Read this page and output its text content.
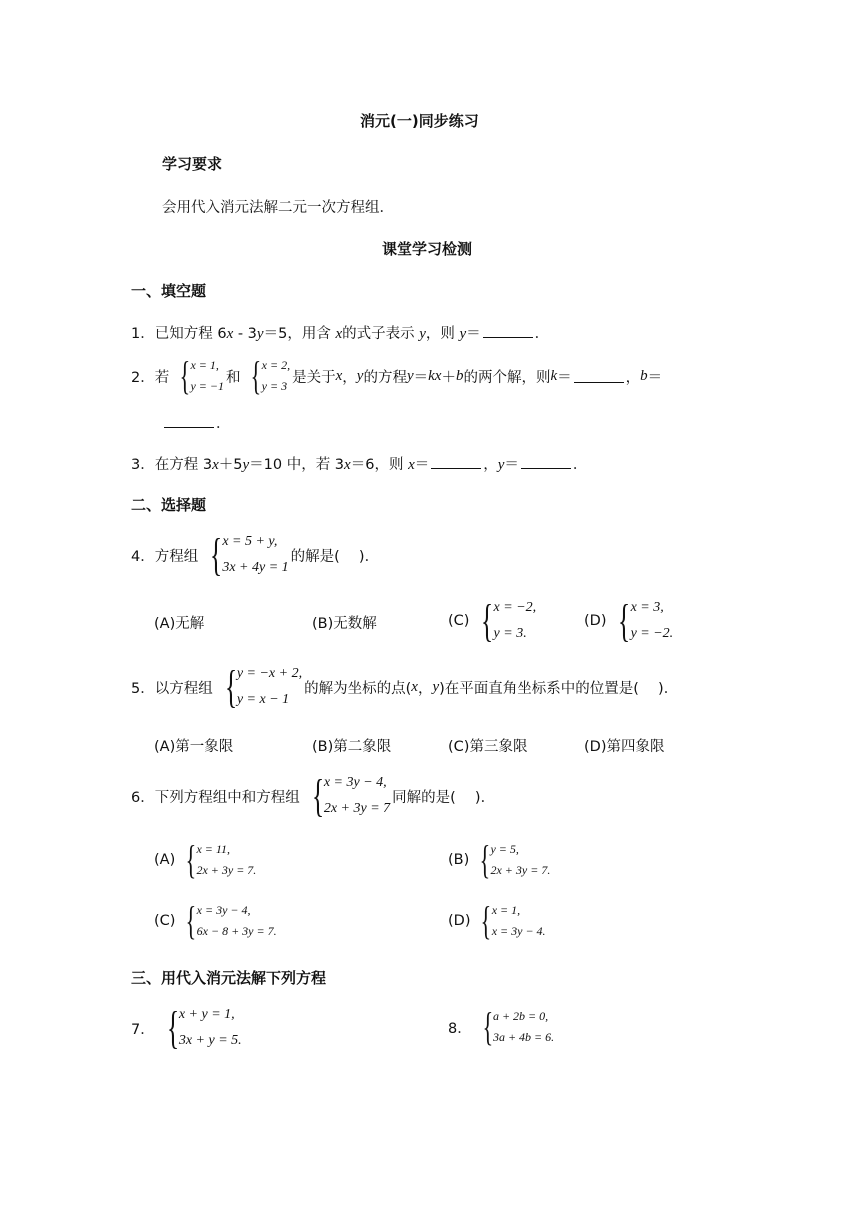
消元(一)同步练习
学习要求
会用代入消元法解二元一次方程组．
课堂学习检测
一、填空题
1．已知方程 6x - 3y＝5，用含 x的式子表示 y，则 y＝	．
2．若 { x = 1,
y = −1
和 { x = 2,
y = 3
是关于 x ， y 的方程 y ＝ kx ＋ b 的两个解，则 k ＝	， b ＝
．
3．在方程 3x＋5y＝10 中，若 3x＝6，则 x＝	，y＝	．
二、选择题
4．方程组 { x = 5 + y,
3x + 4y = 1
的解是(　 )．
(A)无解	(B)无数解	(C) { x = −2,
y = 3.
(D) { x = 3,
y = −2.
5．以方程组 { y = −x + 2,
y = x − 1
的解为坐标的点( x ， y )在平面直角坐标系中的位置是(　 )．
(A)第一象限	(B)第二象限	(C)第三象限	(D)第四象限
6．下列方程组中和方程组 { x = 3y − 4,
2x + 3y = 7
同解的是(　 )．
(A) { x = 11,
2x + 3y = 7.
(B) { y = 5,
2x + 3y = 7.
(C) { x = 3y − 4,
6x − 8 + 3y = 7.
(D) { x = 1,
x = 3y − 4.
三、用代入消元法解下列方程
7． { x + y = 1,
3x + y = 5.
8． { a + 2b = 0,
3a + 4b = 6.
